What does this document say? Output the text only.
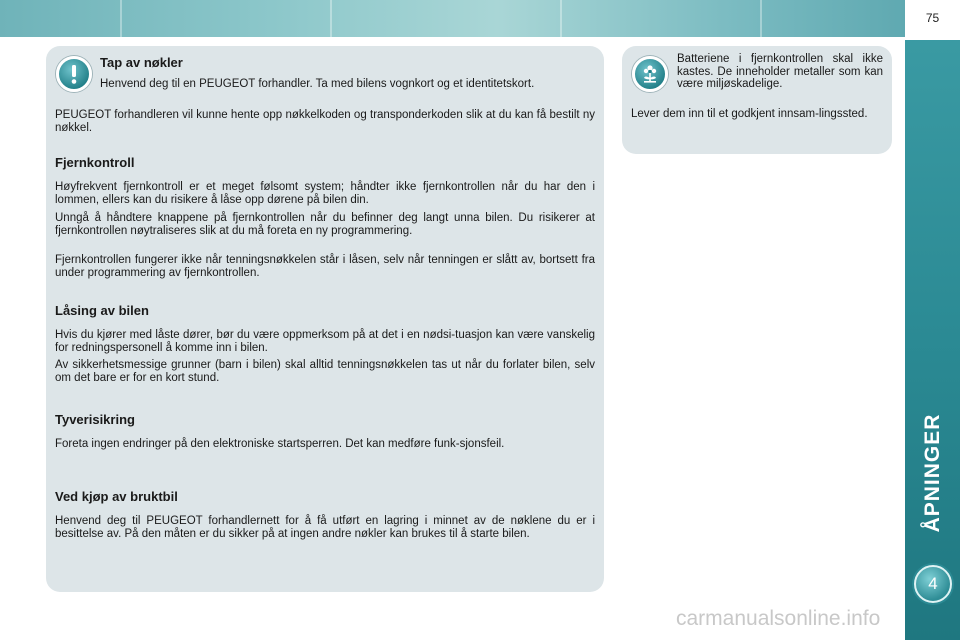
75
ÅPNINGER
4
Tap av nøkler
Henvend deg til en PEUGEOT forhandler. Ta med bilens vognkort og et identitetskort.
PEUGEOT forhandleren vil kunne hente opp nøkkelkoden og transponderkoden slik at du kan få bestilt ny nøkkel.
Fjernkontroll
Høyfrekvent fjernkontroll er et meget følsomt system; håndter ikke fjernkontrollen når du har den i lommen, ellers kan du risikere å låse opp dørene på bilen din.
Unngå å håndtere knappene på fjernkontrollen når du befinner deg langt unna bilen. Du risikerer at fjernkontrollen nøytraliseres slik at du må foreta en ny programmering.
Fjernkontrollen fungerer ikke når tenningsnøkkelen står i låsen, selv når tenningen er slått av, bortsett fra under programmering av fjernkontrollen.
Låsing av bilen
Hvis du kjører med låste dører, bør du være oppmerksom på at det i en nødsi-tuasjon kan være vanskelig for redningspersonell å komme inn i bilen.
Av sikkerhetsmessige grunner (barn i bilen) skal alltid tenningsnøkkelen tas ut når du forlater bilen, selv om det bare er for en kort stund.
Tyverisikring
Foreta ingen endringer på den elektroniske startsperren. Det kan medføre funk-sjonsfeil.
Ved kjøp av bruktbil
Henvend deg til PEUGEOT forhandlernett for å få utført en lagring i minnet av de nøklene du er i besittelse av. På den måten er du sikker på at ingen andre nøkler kan brukes til å starte bilen.
Batteriene i fjernkontrollen skal ikke kastes. De inneholder metaller som kan være miljøskadelige.
Lever dem inn til et godkjent innsam-lingssted.
carmanualsonline.info
